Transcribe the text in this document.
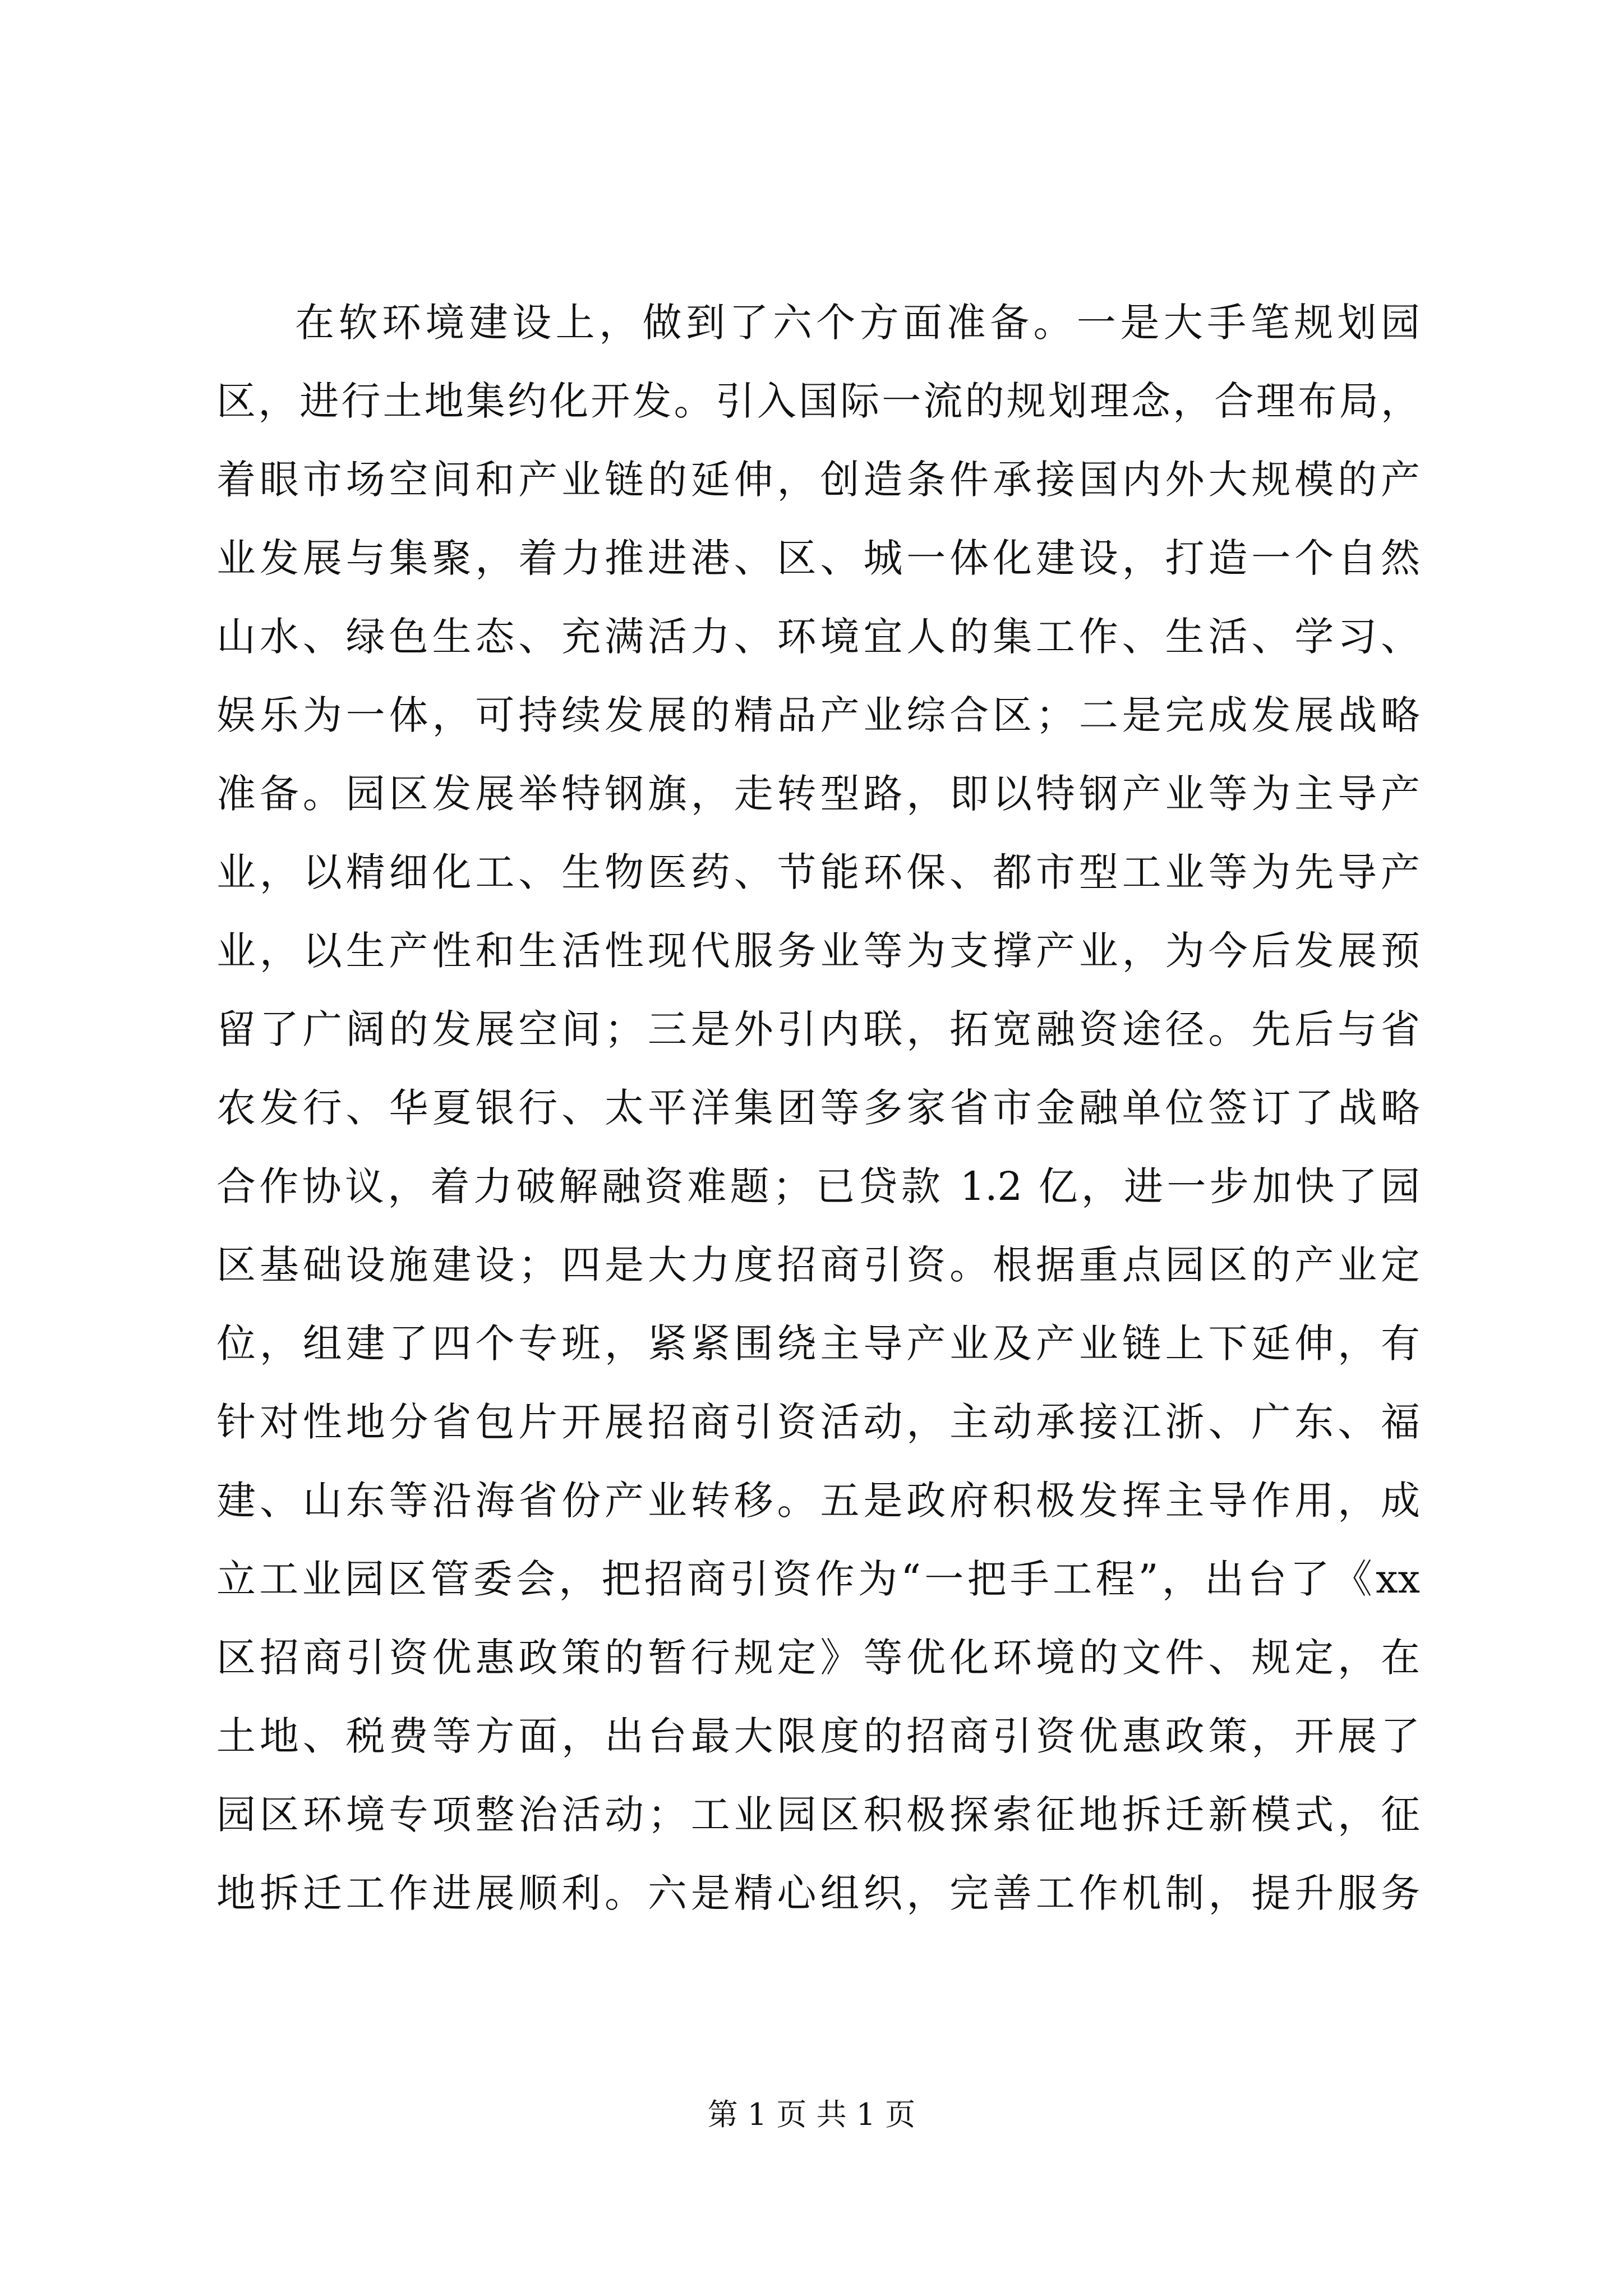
在软环境建设上，做到了六个方面准备。一是大手笔规划园
区，进行土地集约化开发。引入国际一流的规划理念，合理布局，
着眼市场空间和产业链的延伸，创造条件承接国内外大规模的产
业发展与集聚，着力推进港、区、城一体化建设，打造一个自然
山水、绿色生态、充满活力、环境宜人的集工作、生活、学习、
娱乐为一体，可持续发展的精品产业综合区；二是完成发展战略
准备。园区发展举特钢旗，走转型路，即以特钢产业等为主导产
业，以精细化工、生物医药、节能环保、都市型工业等为先导产
业，以生产性和生活性现代服务业等为支撑产业，为今后发展预
留了广阔的发展空间；三是外引内联，拓宽融资途径。先后与省
农发行、华夏银行、太平洋集团等多家省市金融单位签订了战略
合作协议，着力破解融资难题；已贷款 1.2 亿，进一步加快了园
区基础设施建设；四是大力度招商引资。根据重点园区的产业定
位，组建了四个专班，紧紧围绕主导产业及产业链上下延伸，有
针对性地分省包片开展招商引资活动，主动承接江浙、广东、福
建、山东等沿海省份产业转移。五是政府积极发挥主导作用，成
立工业园区管委会，把招商引资作为“一把手工程”，出台了《xx
区招商引资优惠政策的暂行规定》等优化环境的文件、规定，在
土地、税费等方面，出台最大限度的招商引资优惠政策，开展了
园区环境专项整治活动；工业园区积极探索征地拆迁新模式，征
地拆迁工作进展顺利。六是精心组织，完善工作机制，提升服务
第 1 页 共 1 页
